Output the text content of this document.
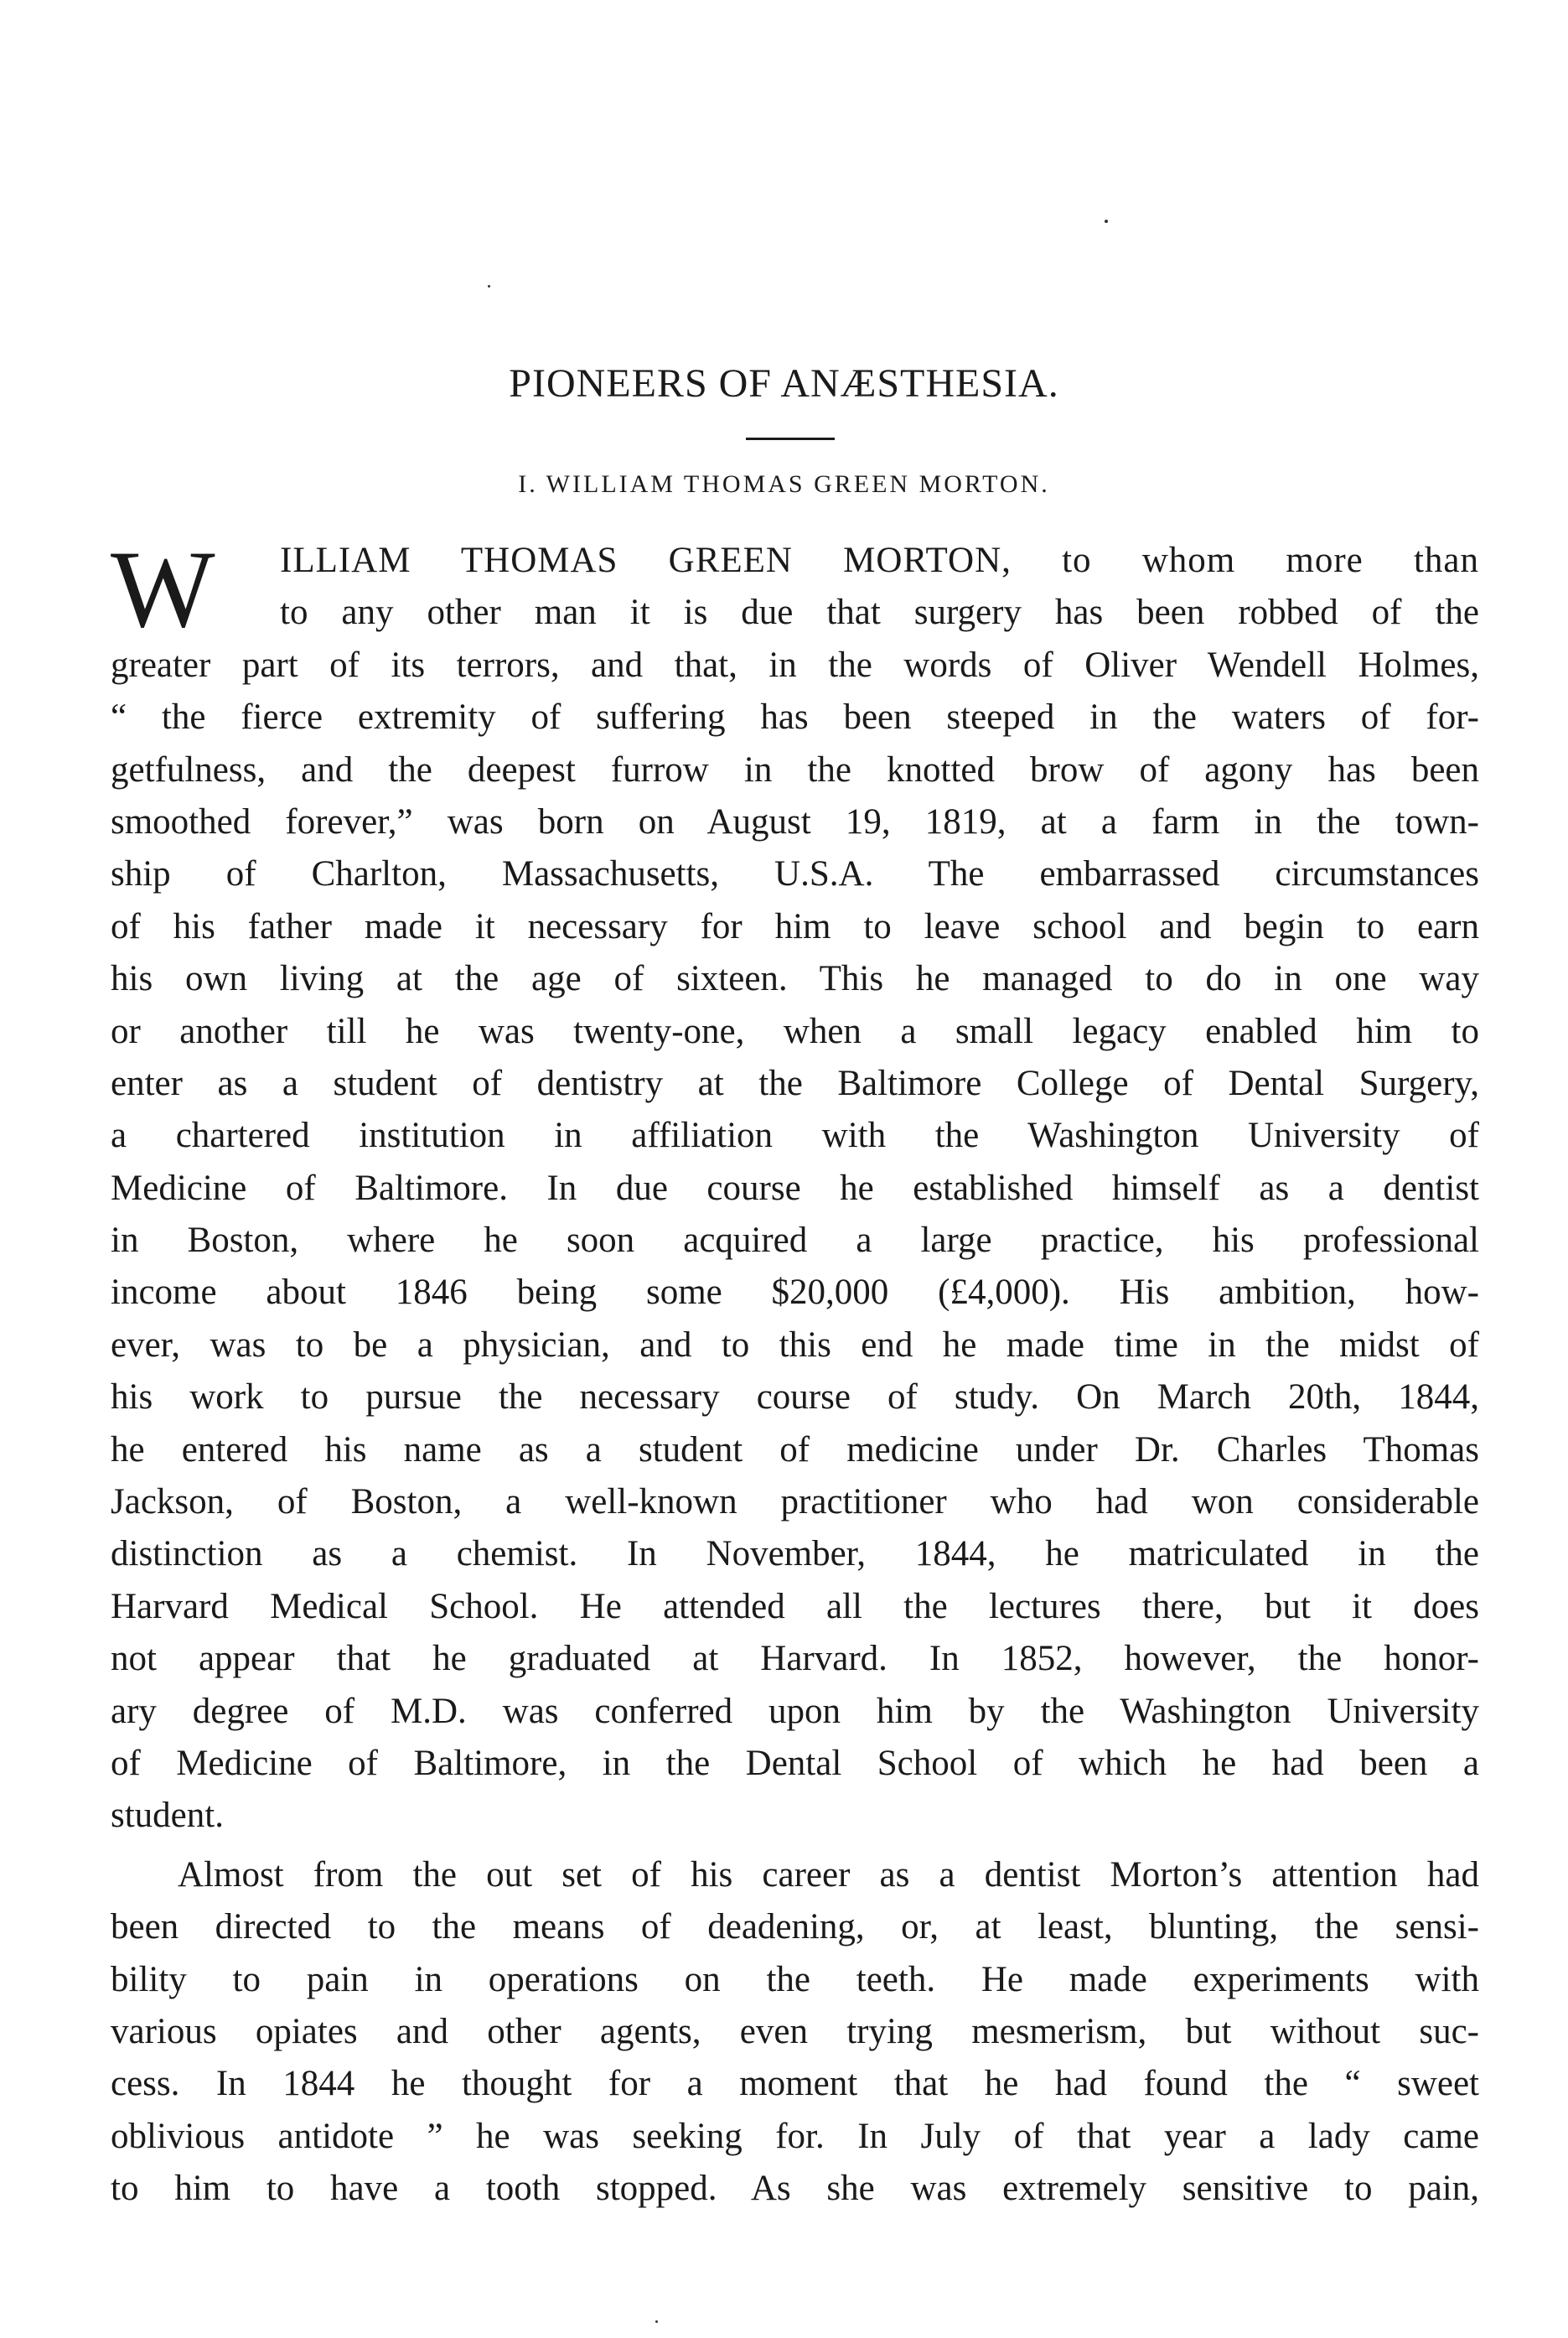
PIONEERS OF ANÆSTHESIA.
I. WILLIAM THOMAS GREEN MORTON.
W	ILLIAM THOMAS GREEN MORTON, to whom more than
to any other man it is due that surgery has been robbed of the
greater part of its terrors, and that, in the words of Oliver Wendell Holmes,
“ the fierce extremity of suffering has been steeped in the waters of for-
getfulness, and the deepest furrow in the knotted brow of agony has been
smoothed forever,” was born on August 19, 1819, at a farm in the town-
ship of Charlton, Massachusetts, U.S.A. The embarrassed circumstances
of his father made it necessary for him to leave school and begin to earn
his own living at the age of sixteen. This he managed to do in one way
or another till he was twenty-one, when a small legacy enabled him to
enter as a student of dentistry at the Baltimore College of Dental Surgery,
a chartered institution in affiliation with the Washington University of
Medicine of Baltimore. In due course he established himself as a dentist
in Boston, where he soon acquired a large practice, his professional
income about 1846 being some $20,000 (£4,000). His ambition, how-
ever, was to be a physician, and to this end he made time in the midst of
his work to pursue the necessary course of study. On March 20th, 1844,
he entered his name as a student of medicine under Dr. Charles Thomas
Jackson, of Boston, a well-known practitioner who had won considerable
distinction as a chemist. In November, 1844, he matriculated in the
Harvard Medical School. He attended all the lectures there, but it does
not appear that he graduated at Harvard. In 1852, however, the honor-
ary degree of M.D. was conferred upon him by the Washington University
of Medicine of Baltimore, in the Dental School of which he had been a
student.
Almost from the out set of his career as a dentist Morton’s attention had
been directed to the means of deadening, or, at least, blunting, the sensi-
bility to pain in operations on the teeth. He made experiments with
various opiates and other agents, even trying mesmerism, but without suc-
cess. In 1844 he thought for a moment that he had found the “ sweet
oblivious antidote ” he was seeking for. In July of that year a lady came
to him to have a tooth stopped. As she was extremely sensitive to pain,
